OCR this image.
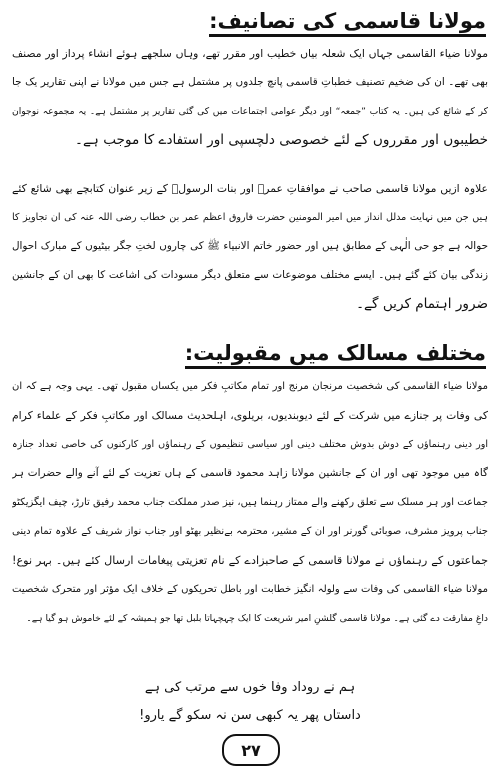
مولانا قاسمی کی تصانیف:
مولانا ضیاء القاسمی جہاں ایک شعلہ بیاں خطیب اور مقرر تھے، وہاں سلجھے ہوئے انشاء پرداز اور مصنف
بھی تھے۔ ان کی ضخیم تصنیف خطباتِ قاسمی پانچ جلدوں پر مشتمل ہے جس میں مولانا نے اپنی تقاریر یک جا
کر کے شائع کی ہیں۔ یہ کتاب ”جمعہ“ اور دیگر عوامی اجتماعات میں کی گئی تقاریر پر مشتمل ہے۔ یہ مجموعہ نوجوان
خطیبوں اور مقرروں کے لئے خصوصی دلچسپی اور استفادے کا موجب ہے۔
علاوہ ازیں مولانا قاسمی صاحب نے موافقاتِ عمرؓ اور بنات الرسولؐ کے زیر عنوان کتابچے بھی شائع کئے
ہیں جن میں نہایت مدلل انداز میں امیر المومنین حضرت فاروق اعظم عمر بن خطاب رضی اللہ عنہ کی ان تجاویز کا
حوالہ ہے جو حی الٰہی کے مطابق ہیں اور حضور خاتم الانبیاء ﷺ کی چاروں لختِ جگر بیٹیوں کے مبارک احوال
زندگی بیان کئے گئے ہیں۔ ایسے مختلف موضوعات سے متعلق دیگر مسودات کی اشاعت کا بھی ان کے جانشین
ضرور اہتمام کریں گے۔
مختلف مسالک میں مقبولیت:
مولانا ضیاء القاسمی کی شخصیت مرنجان مرنج اور تمام مکاتبِ فکر میں یکساں مقبول تھی۔ یہی وجہ ہے کہ ان
کی وفات پر جنازے میں شرکت کے لئے دیوبندیوں، بریلوی، اہلحدیث مسالک اور مکاتبِ فکر کے علماء کرام
اور دینی رہنماؤں کے دوش بدوش مختلف دینی اور سیاسی تنظیموں کے رہنماؤں اور کارکنوں کی خاصی تعداد جنازہ
گاہ میں موجود تھی اور ان کے جانشین مولانا زاہد محمود قاسمی کے ہاں تعزیت کے لئے آنے والے حضرات ہر
جماعت اور ہر مسلک سے تعلق رکھنے والے ممتاز رہنما ہیں، نیز صدر مملکت جناب محمد رفیق تارڑ، چیف ایگزیکٹو
جناب پرویز مشرف، صوبائی گورنر اور ان کے مشیر، محترمہ بےنظیر بھٹو اور جناب نواز شریف کے علاوہ تمام دینی
جماعتوں کے رہنماؤں نے مولانا قاسمی کے صاحبزادے کے نام تعزیتی پیغامات ارسال کئے ہیں۔ بہر نوع!
مولانا ضیاء القاسمی کی وفات سے ولولہ انگیز خطابت اور باطل تحریکوں کے خلاف ایک مؤثر اور متحرک شخصیت
داغِ مفارقت دے گئی ہے۔ مولانا قاسمی گلشنِ امیر شریعت کا ایک چہچہاتا بلبل تھا جو ہمیشہ کے لئے خاموش ہو گیا ہے۔
ہم نے روداد وفا خوں سے مرتب کی ہے
داستاں پھر یہ کبھی سن نہ سکو گے یارو!
۲۷
